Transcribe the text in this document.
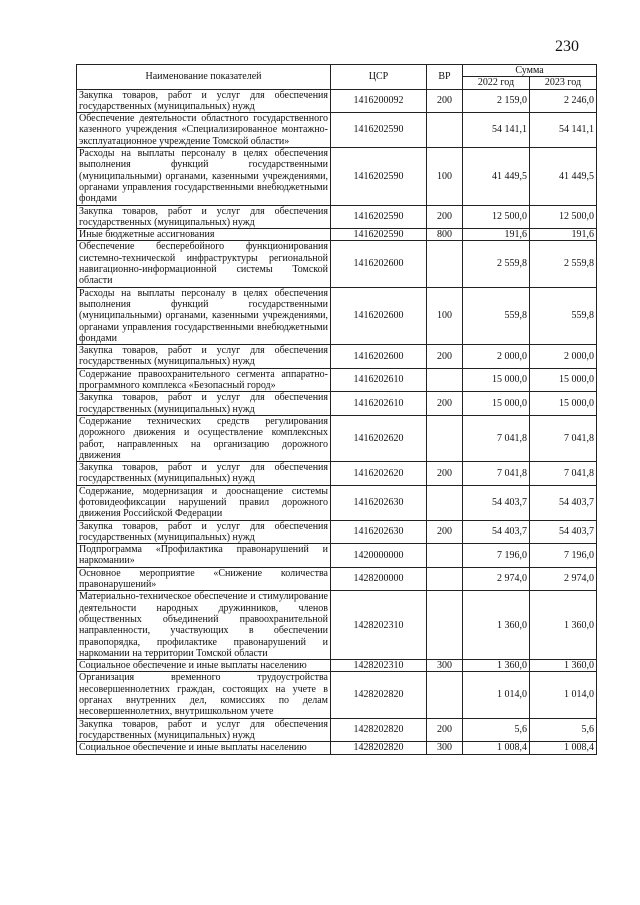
230
Наименование показателей	ЦСР	ВР	Сумма	
			2022 год	2023 год
Закупка товаров, работ и услуг для обеспечения государственных (муниципальных) нужд	1416200092	200	2 159,0	2 246,0
Обеспечение деятельности областного государственного казенного учреждения «Специализированное монтажно-эксплуатационное учреждение Томской области»	1416202590		54 141,1	54 141,1
Расходы на выплаты персоналу в целях обеспечения выполнения функций государственными (муниципальными) органами, казенными учреждениями, органами управления государственными внебюджетными фондами	1416202590	100	41 449,5	41 449,5
Закупка товаров, работ и услуг для обеспечения государственных (муниципальных) нужд	1416202590	200	12 500,0	12 500,0
Иные бюджетные ассигнования	1416202590	800	191,6	191,6
Обеспечение бесперебойного функционирования системно-технической инфраструктуры региональной навигационно-информационной системы Томской области	1416202600		2 559,8	2 559,8
Расходы на выплаты персоналу в целях обеспечения выполнения функций государственными (муниципальными) органами, казенными учреждениями, органами управления государственными внебюджетными фондами	1416202600	100	559,8	559,8
Закупка товаров, работ и услуг для обеспечения государственных (муниципальных) нужд	1416202600	200	2 000,0	2 000,0
Содержание правоохранительного сегмента аппаратно-программного комплекса «Безопасный город»	1416202610		15 000,0	15 000,0
Закупка товаров, работ и услуг для обеспечения государственных (муниципальных) нужд	1416202610	200	15 000,0	15 000,0
Содержание технических средств регулирования дорожного движения и осуществление комплексных работ, направленных на организацию дорожного движения	1416202620		7 041,8	7 041,8
Закупка товаров, работ и услуг для обеспечения государственных (муниципальных) нужд	1416202620	200	7 041,8	7 041,8
Содержание, модернизация и дооснащение системы фотовидеофиксации нарушений правил дорожного движения Российской Федерации	1416202630		54 403,7	54 403,7
Закупка товаров, работ и услуг для обеспечения государственных (муниципальных) нужд	1416202630	200	54 403,7	54 403,7
Подпрограмма «Профилактика правонарушений и наркомании»	1420000000		7 196,0	7 196,0
Основное мероприятие «Снижение количества правонарушений»	1428200000		2 974,0	2 974,0
Материально-техническое обеспечение и стимулирование деятельности народных дружинников, членов общественных объединений правоохранительной направленности, участвующих в обеспечении правопорядка, профилактике правонарушений и наркомании на территории Томской области	1428202310		1 360,0	1 360,0
Социальное обеспечение и иные выплаты населению	1428202310	300	1 360,0	1 360,0
Организация временного трудоустройства несовершеннолетних граждан, состоящих на учете в органах внутренних дел, комиссиях по делам несовершеннолетних, внутришкольном учете	1428202820		1 014,0	1 014,0
Закупка товаров, работ и услуг для обеспечения государственных (муниципальных) нужд	1428202820	200	5,6	5,6
Социальное обеспечение и иные выплаты населению	1428202820	300	1 008,4	1 008,4
